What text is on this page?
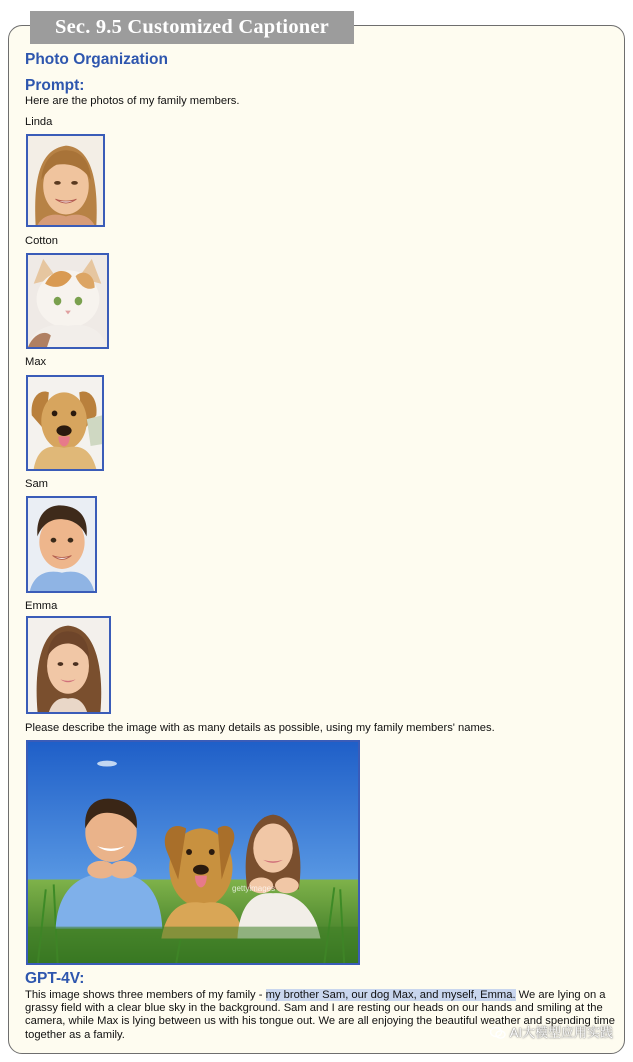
Sec. 9.5 Customized Captioner
Photo Organization
Prompt:

Here are the photos of my family members.

Linda

Cotton

Max

Sam

Emma

Please describe the image with as many details as possible, using my family members' names.

gettyimages
GPT-4V:

This image shows three members of my family - my brother Sam, our dog Max, and myself, Emma. We are lying on a grassy field with a clear blue sky in the background. Sam and I are resting our heads on our hands and smiling at the camera, while Max is lying between us with his tongue out. We are all enjoying the beautiful weather and spending time together as a family.	AI大模型应用实践
